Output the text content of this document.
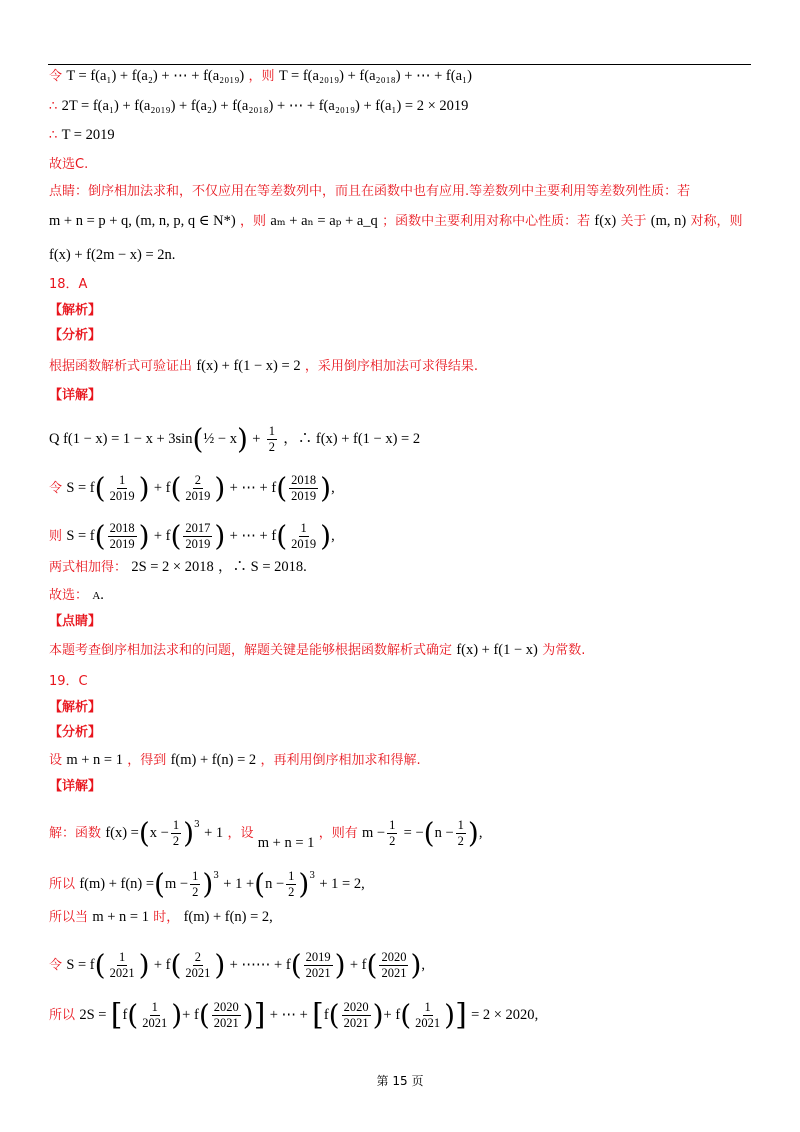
令 T = f(a₁) + f(a₂) + ⋯ + f(a₂₀₁₉) ，则 T = f(a₂₀₁₉) + f(a₂₀₁₈) + ⋯ + f(a₁)
∴ 2T = f(a₁) + f(a₂₀₁₉) + f(a₂) + f(a₂₀₁₈) + ⋯ + f(a₂₀₁₉) + f(a₁) = 2 × 2019
∴ T = 2019
故选C.
点睛：倒序相加法求和，不仅应用在等差数列中，而且在函数中也有应用.等差数列中主要利用等差数列性质：若
m + n = p + q, (m, n, p, q ∈ N*) ，则 aₘ + aₙ = aₚ + a_q ；函数中主要利用对称中心性质：若 f(x) 关于 (m, n) 对称，则
f(x) + f(2m − x) = 2n.
18．A
【解析】
【分析】
根据函数解析式可验证出 f(x) + f(1 − x) = 2 ，采用倒序相加法可求得结果.
【详解】
Q f(1 − x) = 1 − x + 3sin(½ − $x) + \frac{1}{2}$ ，∴ f(x) + f(1 − x) = 2
令 $S = f( \frac{1}{2019}$ ) + $f( \frac{2}{2019}$ ) + ⋯ + $f( \frac{2018}{2019}$ ),
则 $S = f( \frac{2018}{2019}$ ) + $f( \frac{2017}{2019}$ ) + ⋯ + $f( \frac{1}{2019}$ ),
两式相加得： 2S = 2 × 2018 ，∴ S = 2018.
故选： A.
【点睛】
本题考查倒序相加法求和的问题，解题关键是能够根据函数解析式确定 f(x) + f(1 − x) 为常数.
19．C
【解析】
【分析】
设 m + n = 1 ，得到 f(m) + f(n) = 2 ，再利用倒序相加求和得解.
【详解】
解：函数 $f(x) =(x - \frac{1}{2} )^3 + 1$ ，设 m + n = 1 ，则有 $m - \frac{1}{2} = -(n - \frac{1}{2}$ ),
所以 $f(m) + f(n) =(m - \frac{1}{2} )^3 + 1 +(n - \frac{1}{2} )^3 + 1 = 2$,
所以当 m + n = 1 时， f(m) + f(n) = 2,
令 $S = f( \frac{1}{2021}$ ) + $f( \frac{2}{2021}$ ) + ⋯⋯ + $f( \frac{2019}{2021}$ ) + $f( \frac{2020}{2021}$ ),
所以 $2S = [f( \frac{1}{2021}$ )+ $f( \frac{2020}{2021}$ )] + ⋯ + [$f( \frac{2020}{2021}$ )+ $f( \frac{1}{2021}$ )] = 2 × 2020,
第 15 页
